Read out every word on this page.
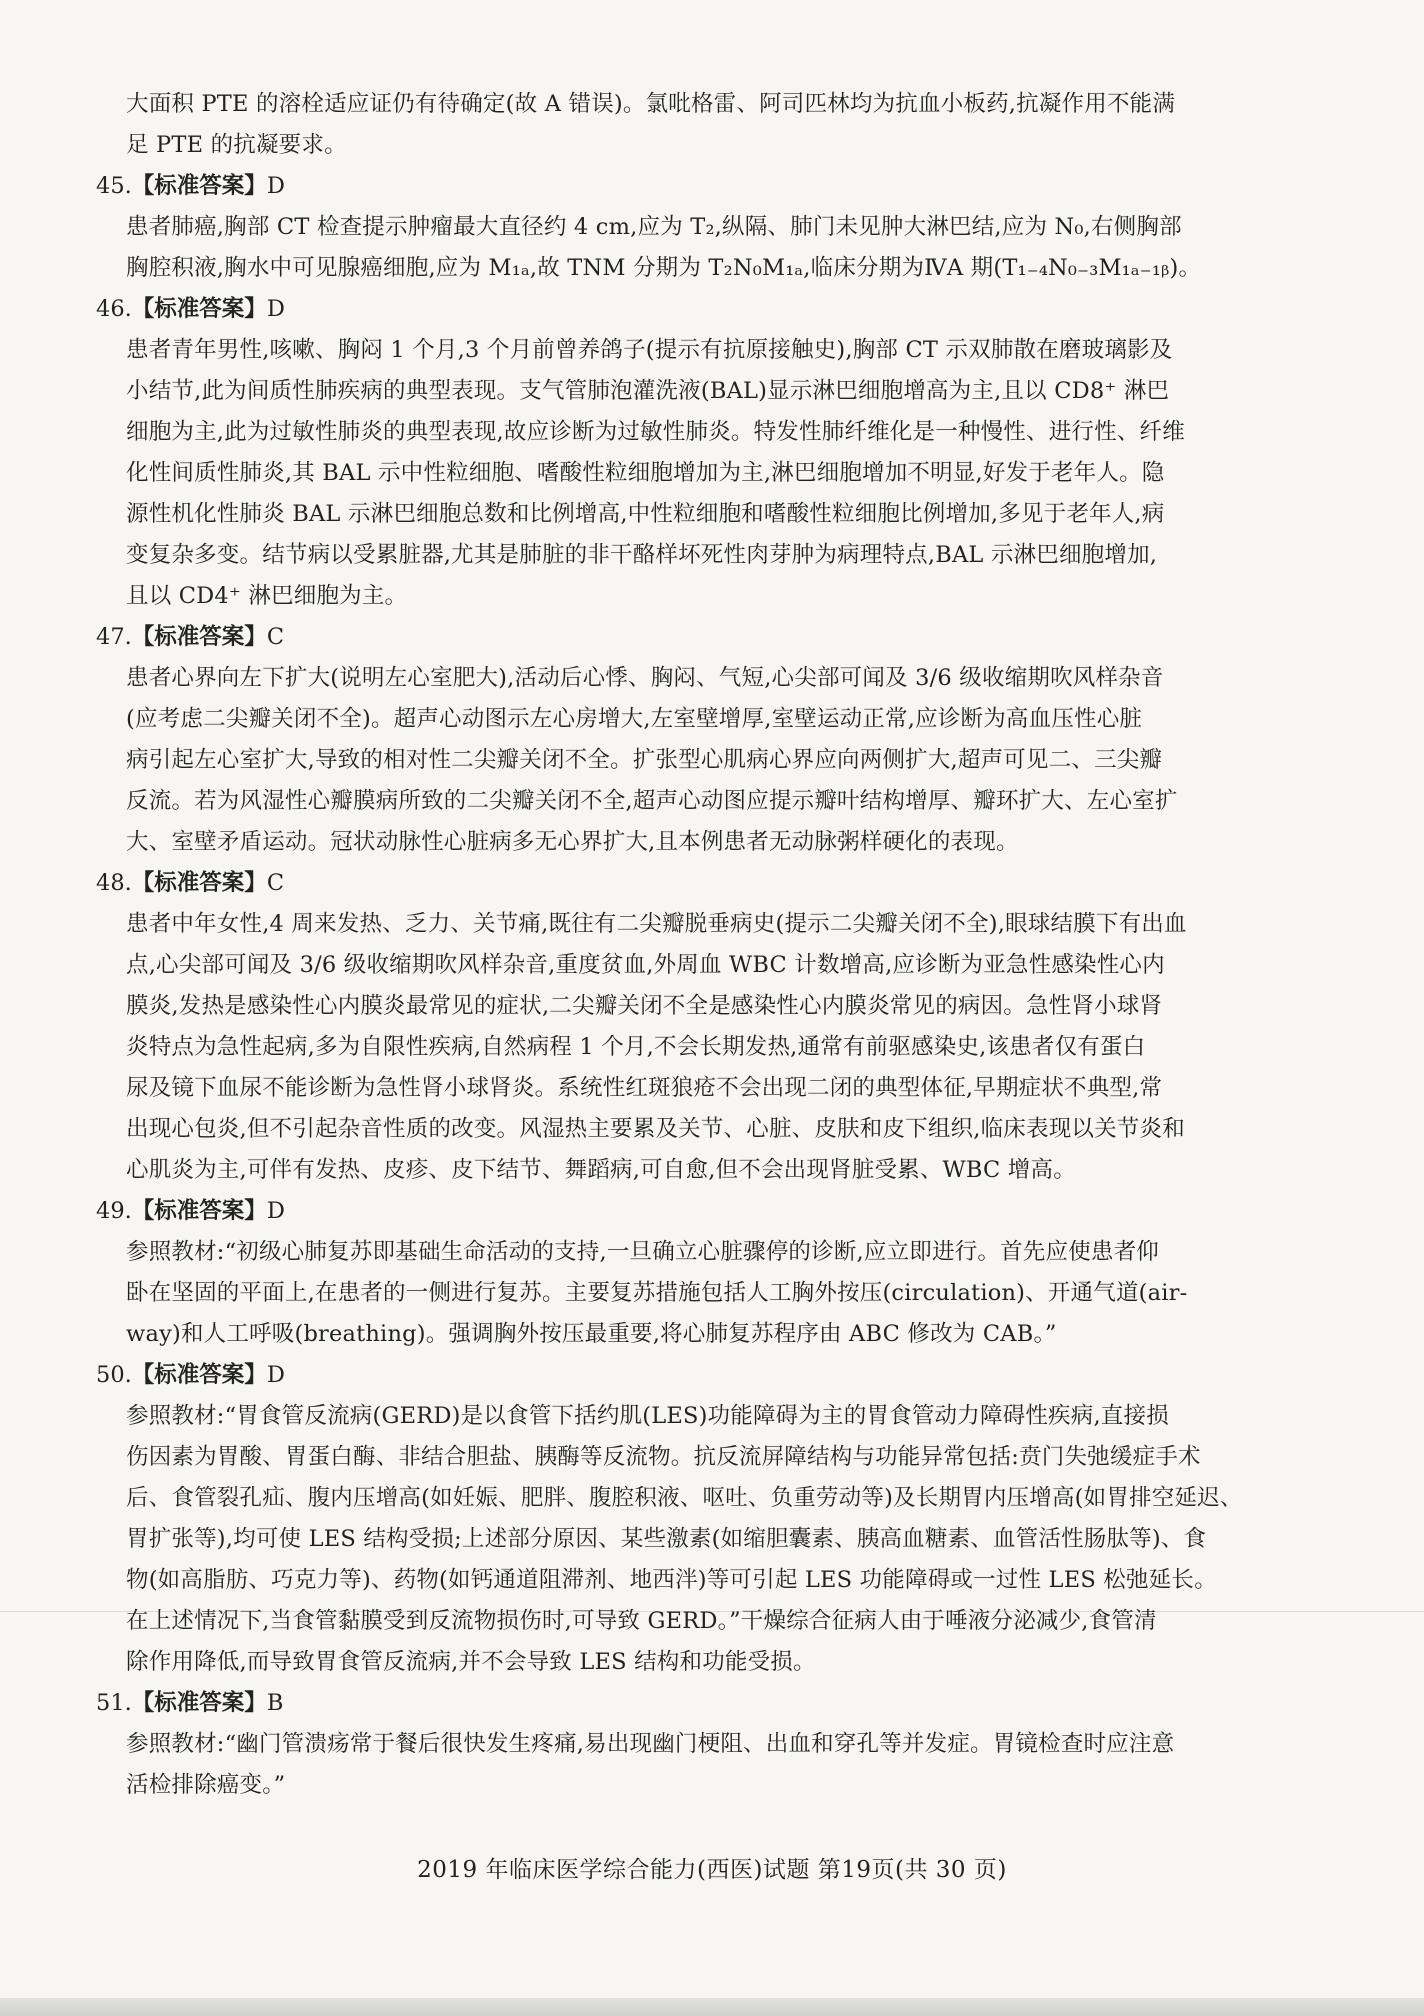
大面积 PTE 的溶栓适应证仍有待确定(故 A 错误)。氯吡格雷、阿司匹林均为抗血小板药,抗凝作用不能满

足 PTE 的抗凝要求。

45.【标准答案】D

患者肺癌,胸部 CT 检查提示肿瘤最大直径约 4 cm,应为 T₂,纵隔、肺门未见肿大淋巴结,应为 N₀,右侧胸部

胸腔积液,胸水中可见腺癌细胞,应为 M₁ₐ,故 TNM 分期为 T₂N₀M₁ₐ,临床分期为ⅣA 期(T₁₋₄N₀₋₃M₁ₐ₋₁ᵦ)。

46.【标准答案】D

患者青年男性,咳嗽、胸闷 1 个月,3 个月前曾养鸽子(提示有抗原接触史),胸部 CT 示双肺散在磨玻璃影及

小结节,此为间质性肺疾病的典型表现。支气管肺泡灌洗液(BAL)显示淋巴细胞增高为主,且以 CD8⁺ 淋巴

细胞为主,此为过敏性肺炎的典型表现,故应诊断为过敏性肺炎。特发性肺纤维化是一种慢性、进行性、纤维

化性间质性肺炎,其 BAL 示中性粒细胞、嗜酸性粒细胞增加为主,淋巴细胞增加不明显,好发于老年人。隐

源性机化性肺炎 BAL 示淋巴细胞总数和比例增高,中性粒细胞和嗜酸性粒细胞比例增加,多见于老年人,病

变复杂多变。结节病以受累脏器,尤其是肺脏的非干酪样坏死性肉芽肿为病理特点,BAL 示淋巴细胞增加,

且以 CD4⁺ 淋巴细胞为主。

47.【标准答案】C

患者心界向左下扩大(说明左心室肥大),活动后心悸、胸闷、气短,心尖部可闻及 3/6 级收缩期吹风样杂音

(应考虑二尖瓣关闭不全)。超声心动图示左心房增大,左室壁增厚,室壁运动正常,应诊断为高血压性心脏

病引起左心室扩大,导致的相对性二尖瓣关闭不全。扩张型心肌病心界应向两侧扩大,超声可见二、三尖瓣

反流。若为风湿性心瓣膜病所致的二尖瓣关闭不全,超声心动图应提示瓣叶结构增厚、瓣环扩大、左心室扩

大、室壁矛盾运动。冠状动脉性心脏病多无心界扩大,且本例患者无动脉粥样硬化的表现。

48.【标准答案】C

患者中年女性,4 周来发热、乏力、关节痛,既往有二尖瓣脱垂病史(提示二尖瓣关闭不全),眼球结膜下有出血

点,心尖部可闻及 3/6 级收缩期吹风样杂音,重度贫血,外周血 WBC 计数增高,应诊断为亚急性感染性心内

膜炎,发热是感染性心内膜炎最常见的症状,二尖瓣关闭不全是感染性心内膜炎常见的病因。急性肾小球肾

炎特点为急性起病,多为自限性疾病,自然病程 1 个月,不会长期发热,通常有前驱感染史,该患者仅有蛋白

尿及镜下血尿不能诊断为急性肾小球肾炎。系统性红斑狼疮不会出现二闭的典型体征,早期症状不典型,常

出现心包炎,但不引起杂音性质的改变。风湿热主要累及关节、心脏、皮肤和皮下组织,临床表现以关节炎和

心肌炎为主,可伴有发热、皮疹、皮下结节、舞蹈病,可自愈,但不会出现肾脏受累、WBC 增高。

49.【标准答案】D

参照教材:“初级心肺复苏即基础生命活动的支持,一旦确立心脏骤停的诊断,应立即进行。首先应使患者仰

卧在坚固的平面上,在患者的一侧进行复苏。主要复苏措施包括人工胸外按压(circulation)、开通气道(air-

way)和人工呼吸(breathing)。强调胸外按压最重要,将心肺复苏程序由 ABC 修改为 CAB。”

50.【标准答案】D

参照教材:“胃食管反流病(GERD)是以食管下括约肌(LES)功能障碍为主的胃食管动力障碍性疾病,直接损

伤因素为胃酸、胃蛋白酶、非结合胆盐、胰酶等反流物。抗反流屏障结构与功能异常包括:贲门失弛缓症手术

后、食管裂孔疝、腹内压增高(如妊娠、肥胖、腹腔积液、呕吐、负重劳动等)及长期胃内压增高(如胃排空延迟、

胃扩张等),均可使 LES 结构受损;上述部分原因、某些激素(如缩胆囊素、胰高血糖素、血管活性肠肽等)、食

物(如高脂肪、巧克力等)、药物(如钙通道阻滞剂、地西泮)等可引起 LES 功能障碍或一过性 LES 松弛延长。

在上述情况下,当食管黏膜受到反流物损伤时,可导致 GERD。”干燥综合征病人由于唾液分泌减少,食管清

除作用降低,而导致胃食管反流病,并不会导致 LES 结构和功能受损。

51.【标准答案】B

参照教材:“幽门管溃疡常于餐后很快发生疼痛,易出现幽门梗阻、出血和穿孔等并发症。胃镜检查时应注意

活检排除癌变。”

2019 年临床医学综合能力(西医)试题 第19页(共 30 页)
